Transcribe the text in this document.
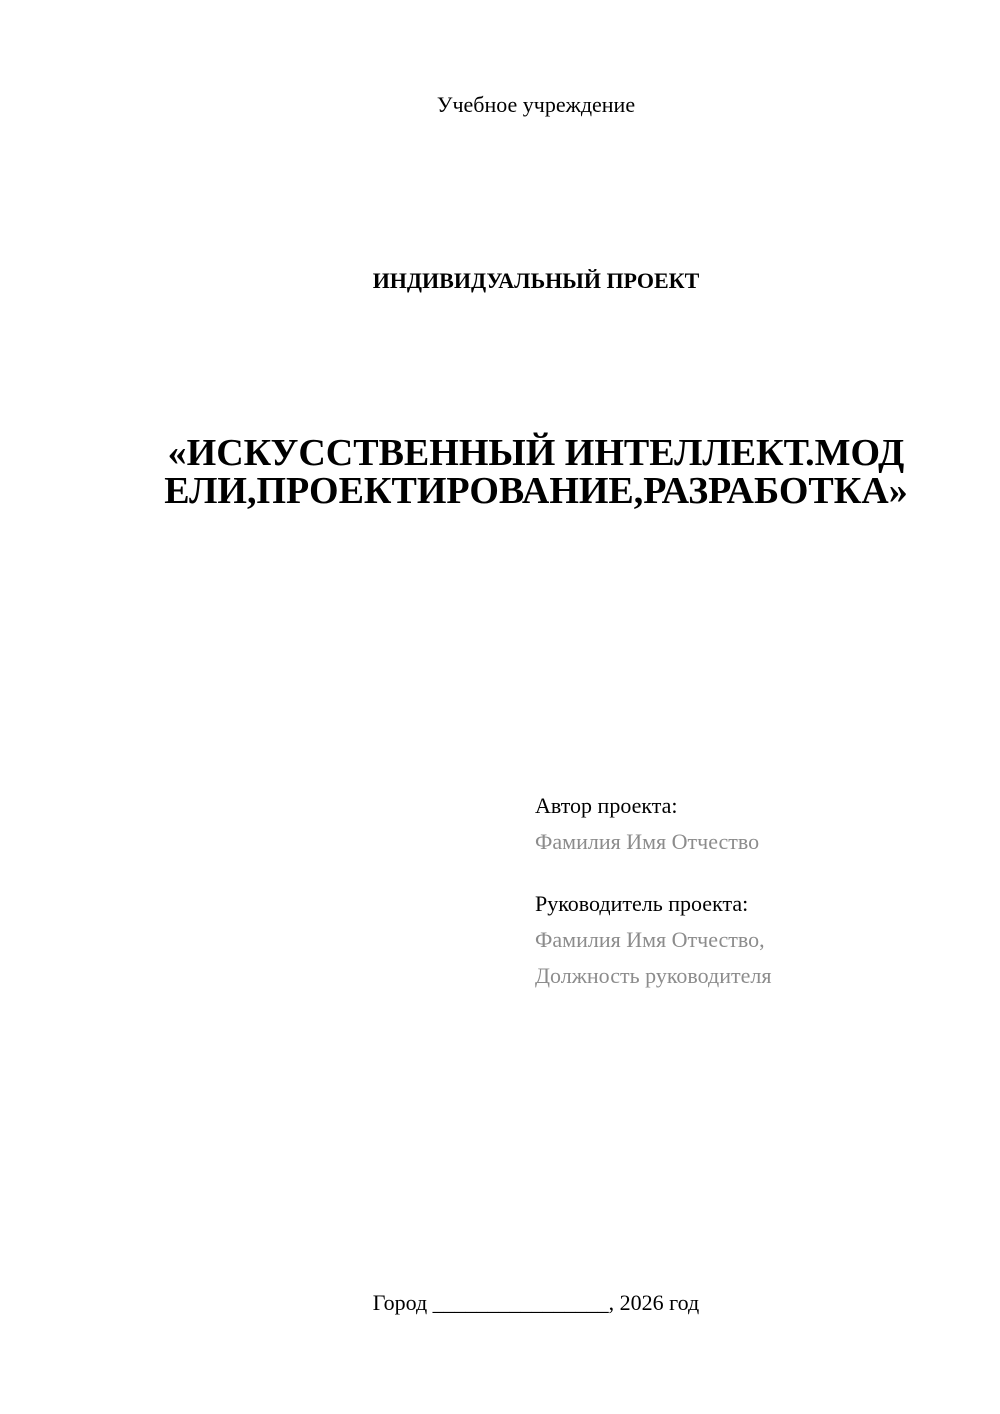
Учебное учреждение
ИНДИВИДУАЛЬНЫЙ ПРОЕКТ
«ИСКУССТВЕННЫЙ ИНТЕЛЛЕКТ.МОД
ЕЛИ,ПРОЕКТИРОВАНИЕ,РАЗРАБОТКА»
Автор проекта:
Фамилия Имя Отчество
Руководитель проекта:
Фамилия Имя Отчество,
Должность руководителя
Город ________________, 2026 год
